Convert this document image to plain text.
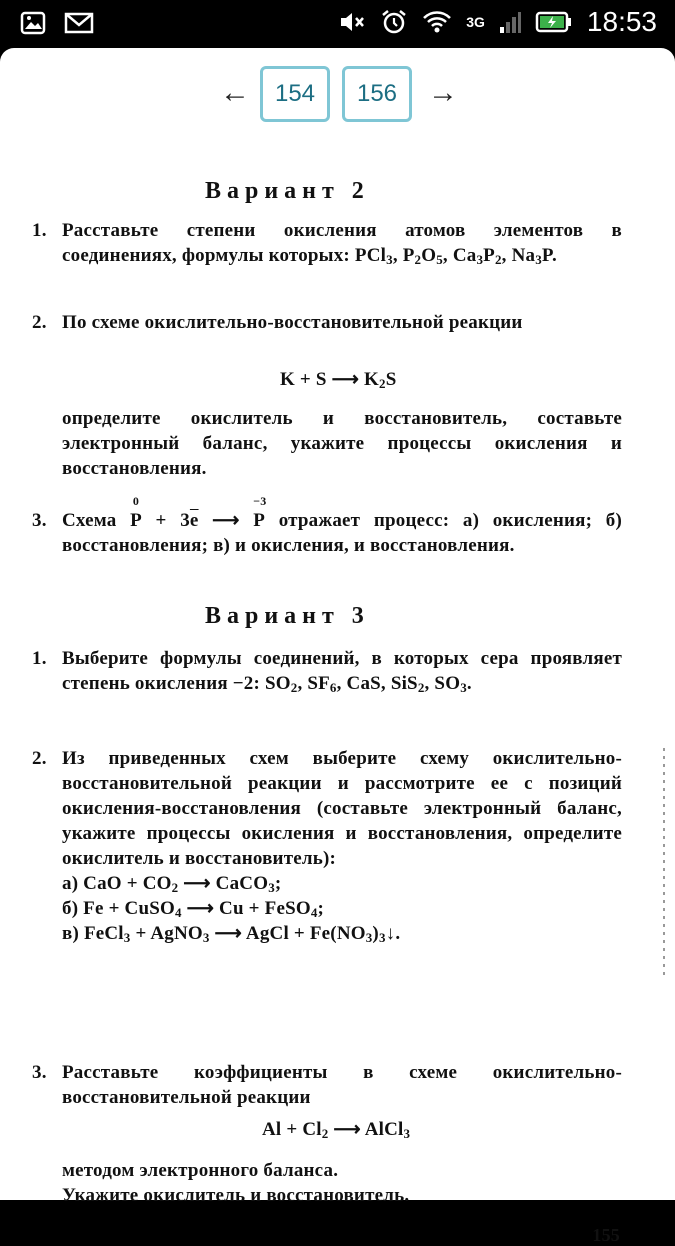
3G	18:53
←	154	156	→
Вариант 2
1. Расставьте степени окисления атомов элементов в соединениях, формулы которых: PCl$_3$, $P_2O_5$, $Ca_3P_2$, $Na_3P$.
2. По схеме окислительно-восстановительной реакции
K + S ⟶ $K_2S$
определите окислитель и восстановитель, составьте электронный баланс, укажите процессы окисления и восстановления.
3. Схема
0
$P + 3\overline{e}$ ⟶
−3
P отражает процесс: а) окисления; б) восстановления; в) и окисления, и восстановления.
Вариант 3
1. Выберите формулы соединений, в которых сера проявляет степень окисления −2: $SO_2$, $SF_6$, CaS, SiS$_2$, $SO_3$.
2. Из приведенных схем выберите схему окислительно-восстановительной реакции и рассмотрите ее с позиций окисления-восстановления (составьте электронный баланс, укажите процессы окисления и восстановления, определите окислитель и восстановитель):
а) CaO + $CO_2$ ⟶ CaCO$_3$;
б) Fe + CuSO$_4$ ⟶ Cu + FeSO$_4$;
в) FeCl$_3$ + AgNO$_3$ ⟶ AgCl + $Fe(NO_3)_3↓$.
3. Расставьте коэффициенты в схеме окислительно-восстановительной реакции
$Al + Cl_2$ ⟶ AlCl$_3$
методом электронного баланса.
Укажите окислитель и восстановитель.
155
